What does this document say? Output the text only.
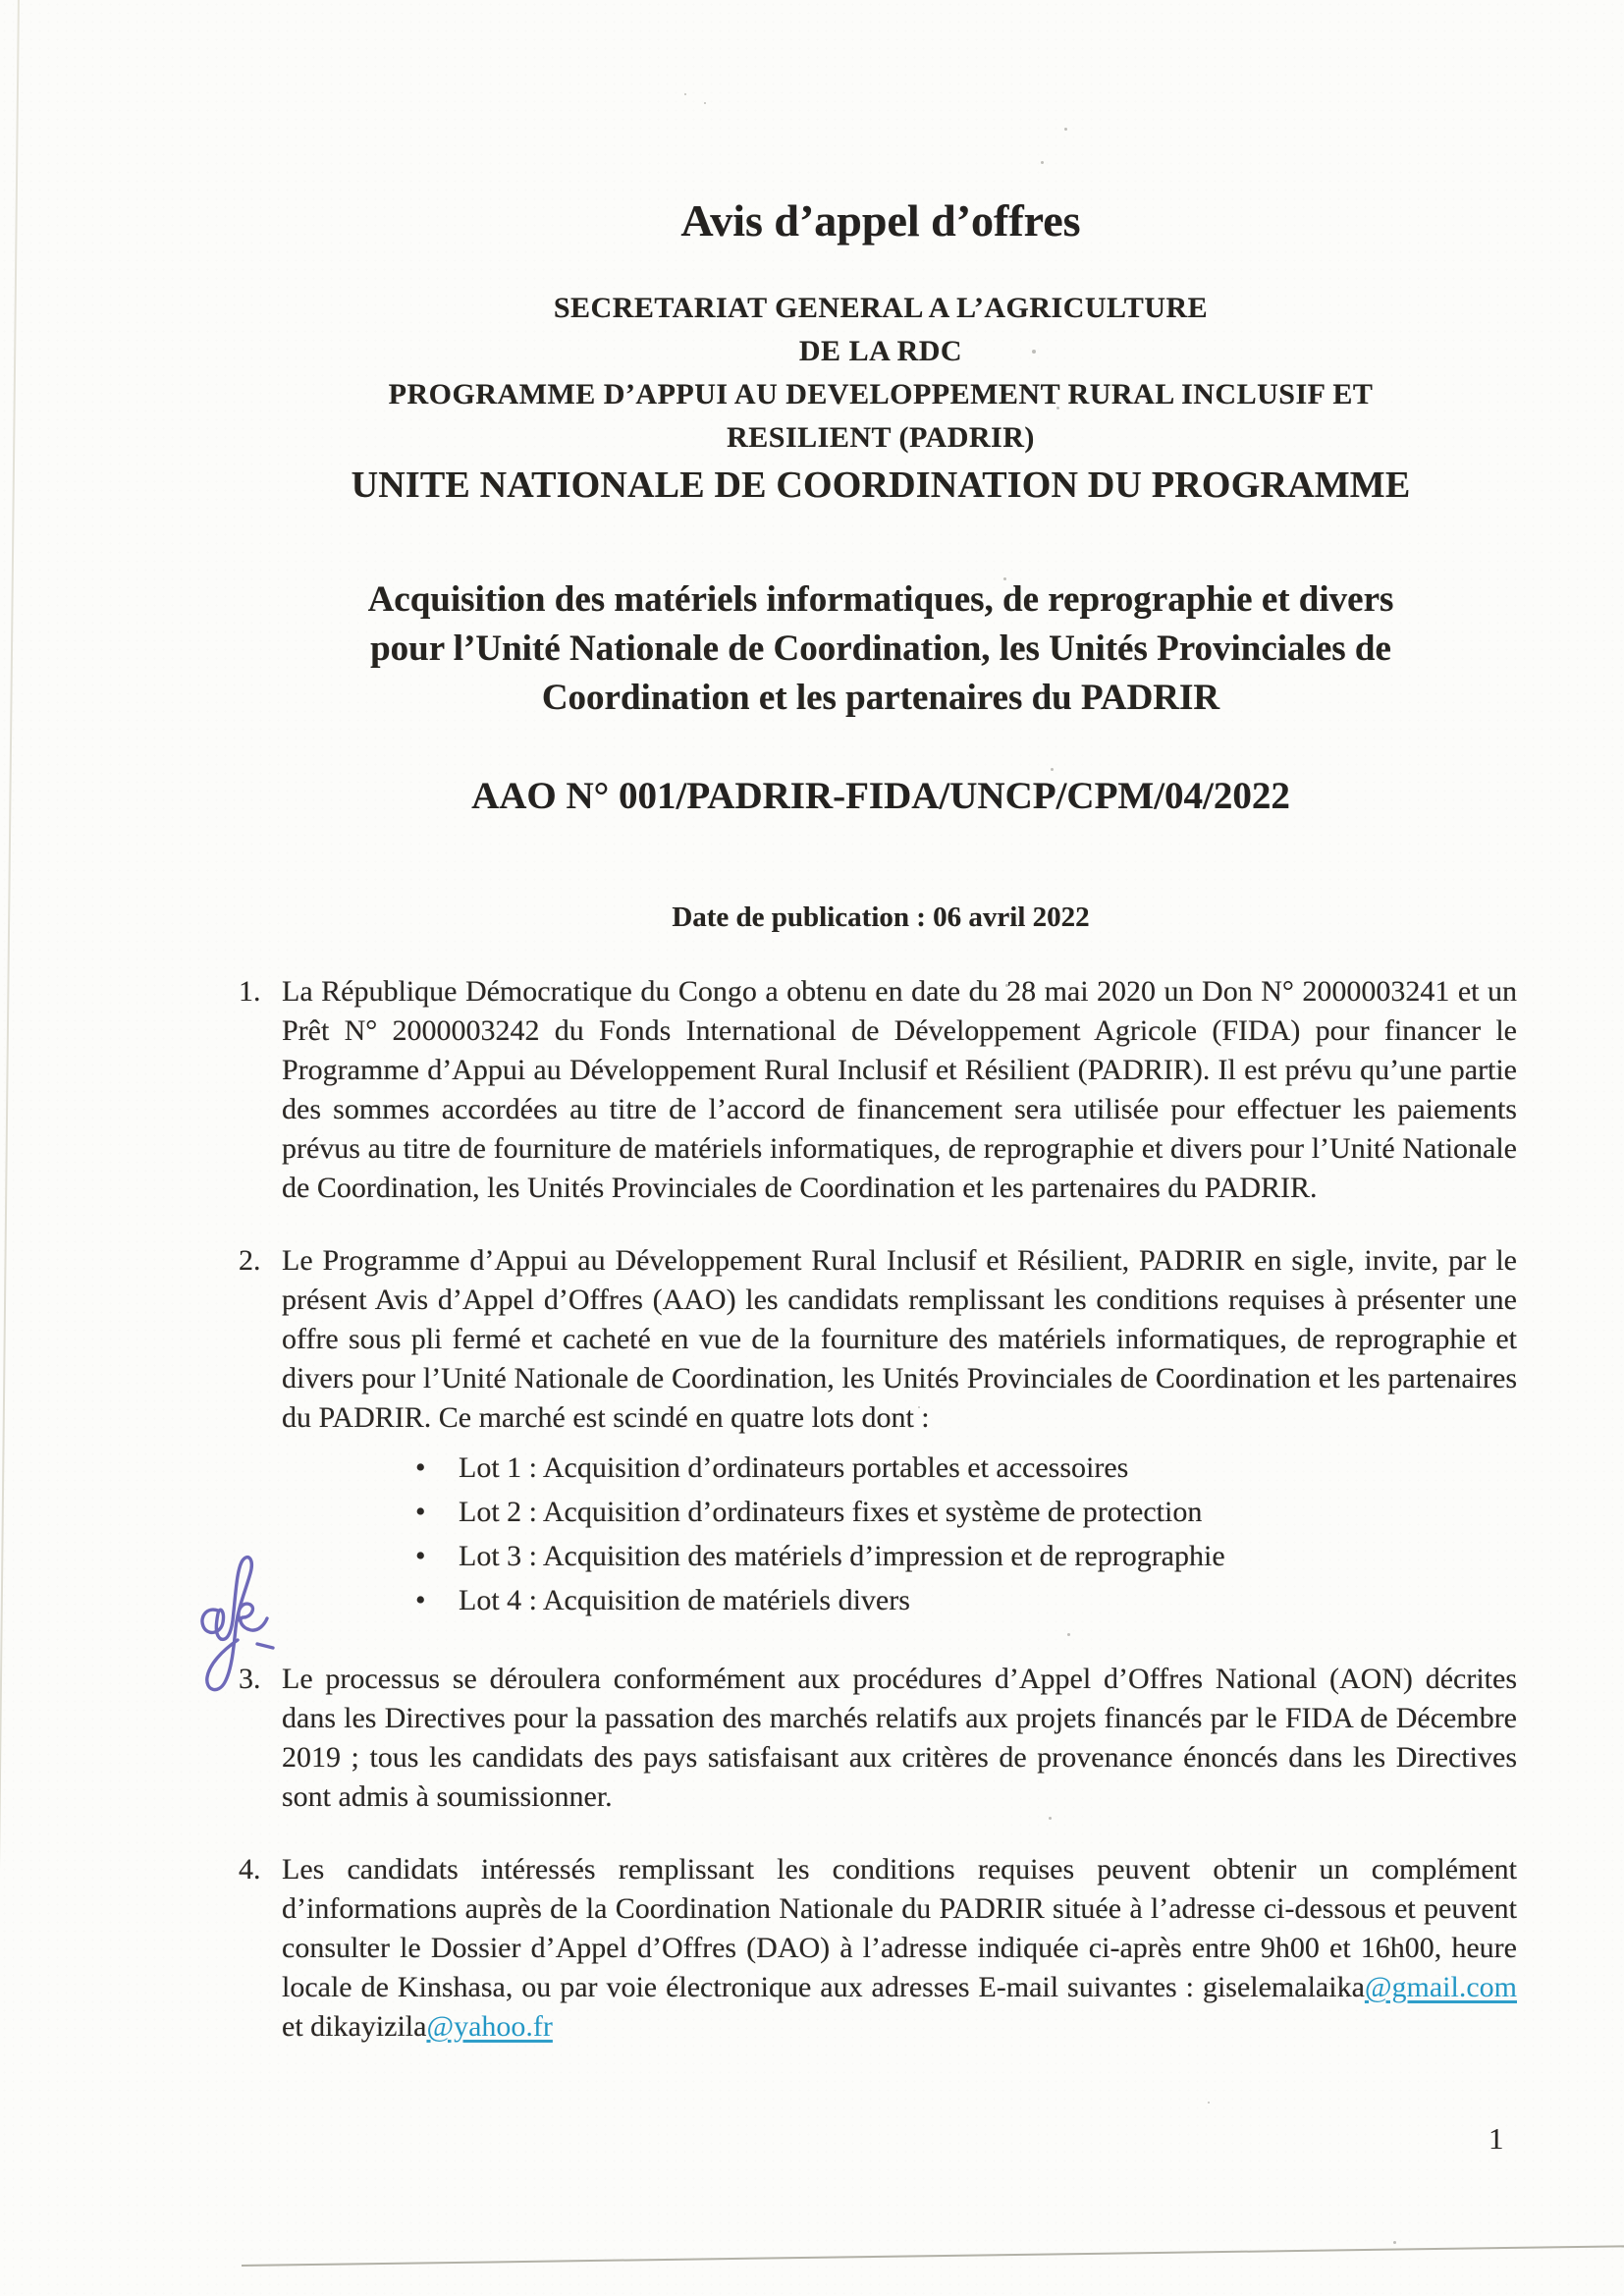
Avis d’appel d’offres
SECRETARIAT GENERAL A L’AGRICULTURE
DE LA RDC
PROGRAMME D’APPUI AU DEVELOPPEMENT RURAL INCLUSIF ET
RESILIENT (PADRIR)
UNITE NATIONALE DE COORDINATION DU PROGRAMME
Acquisition des matériels informatiques, de reprographie et divers
pour l’Unité Nationale de Coordination, les Unités Provinciales de
Coordination et les partenaires du PADRIR
AAO N° 001/PADRIR-FIDA/UNCP/CPM/04/2022
Date de publication : 06 avril 2022
1. La République Démocratique du Congo a obtenu en date du 28 mai 2020 un Don N° 2000003241 et un Prêt N° 2000003242 du Fonds International de Développement Agricole (FIDA) pour financer le Programme d’Appui au Développement Rural Inclusif et Résilient (PADRIR). Il est prévu qu’une partie des sommes accordées au titre de l’accord de financement sera utilisée pour effectuer les paiements prévus au titre de fourniture de matériels informatiques, de reprographie et divers pour l’Unité Nationale de Coordination, les Unités Provinciales de Coordination et les partenaires du PADRIR.

2. Le Programme d’Appui au Développement Rural Inclusif et Résilient, PADRIR en sigle, invite, par le présent Avis d’Appel d’Offres (AAO) les candidats remplissant les conditions requises à présenter une offre sous pli fermé et cacheté en vue de la fourniture des matériels informatiques, de reprographie et divers pour l’Unité Nationale de Coordination, les Unités Provinciales de Coordination et les partenaires du PADRIR. Ce marché est scindé en quatre lots dont :

• Lot 1 : Acquisition d’ordinateurs portables et accessoires
• Lot 2 : Acquisition d’ordinateurs fixes et système de protection
• Lot 3 : Acquisition des matériels d’impression et de reprographie
• Lot 4 : Acquisition de matériels divers
3. Le processus se déroulera conformément aux procédures d’Appel d’Offres National (AON) décrites dans les Directives pour la passation des marchés relatifs aux projets financés par le FIDA de Décembre 2019 ; tous les candidats des pays satisfaisant aux critères de provenance énoncés dans les Directives sont admis à soumissionner.

4. Les candidats intéressés remplissant les conditions requises peuvent obtenir un complément d’informations auprès de la Coordination Nationale du PADRIR située à l’adresse ci-dessous et peuvent consulter le Dossier d’Appel d’Offres (DAO) à l’adresse indiquée ci-après entre 9h00 et 16h00, heure locale de Kinshasa, ou par voie électronique aux adresses E-mail suivantes : giselemalaika@gmail.com et dikayizila@yahoo.fr

1
